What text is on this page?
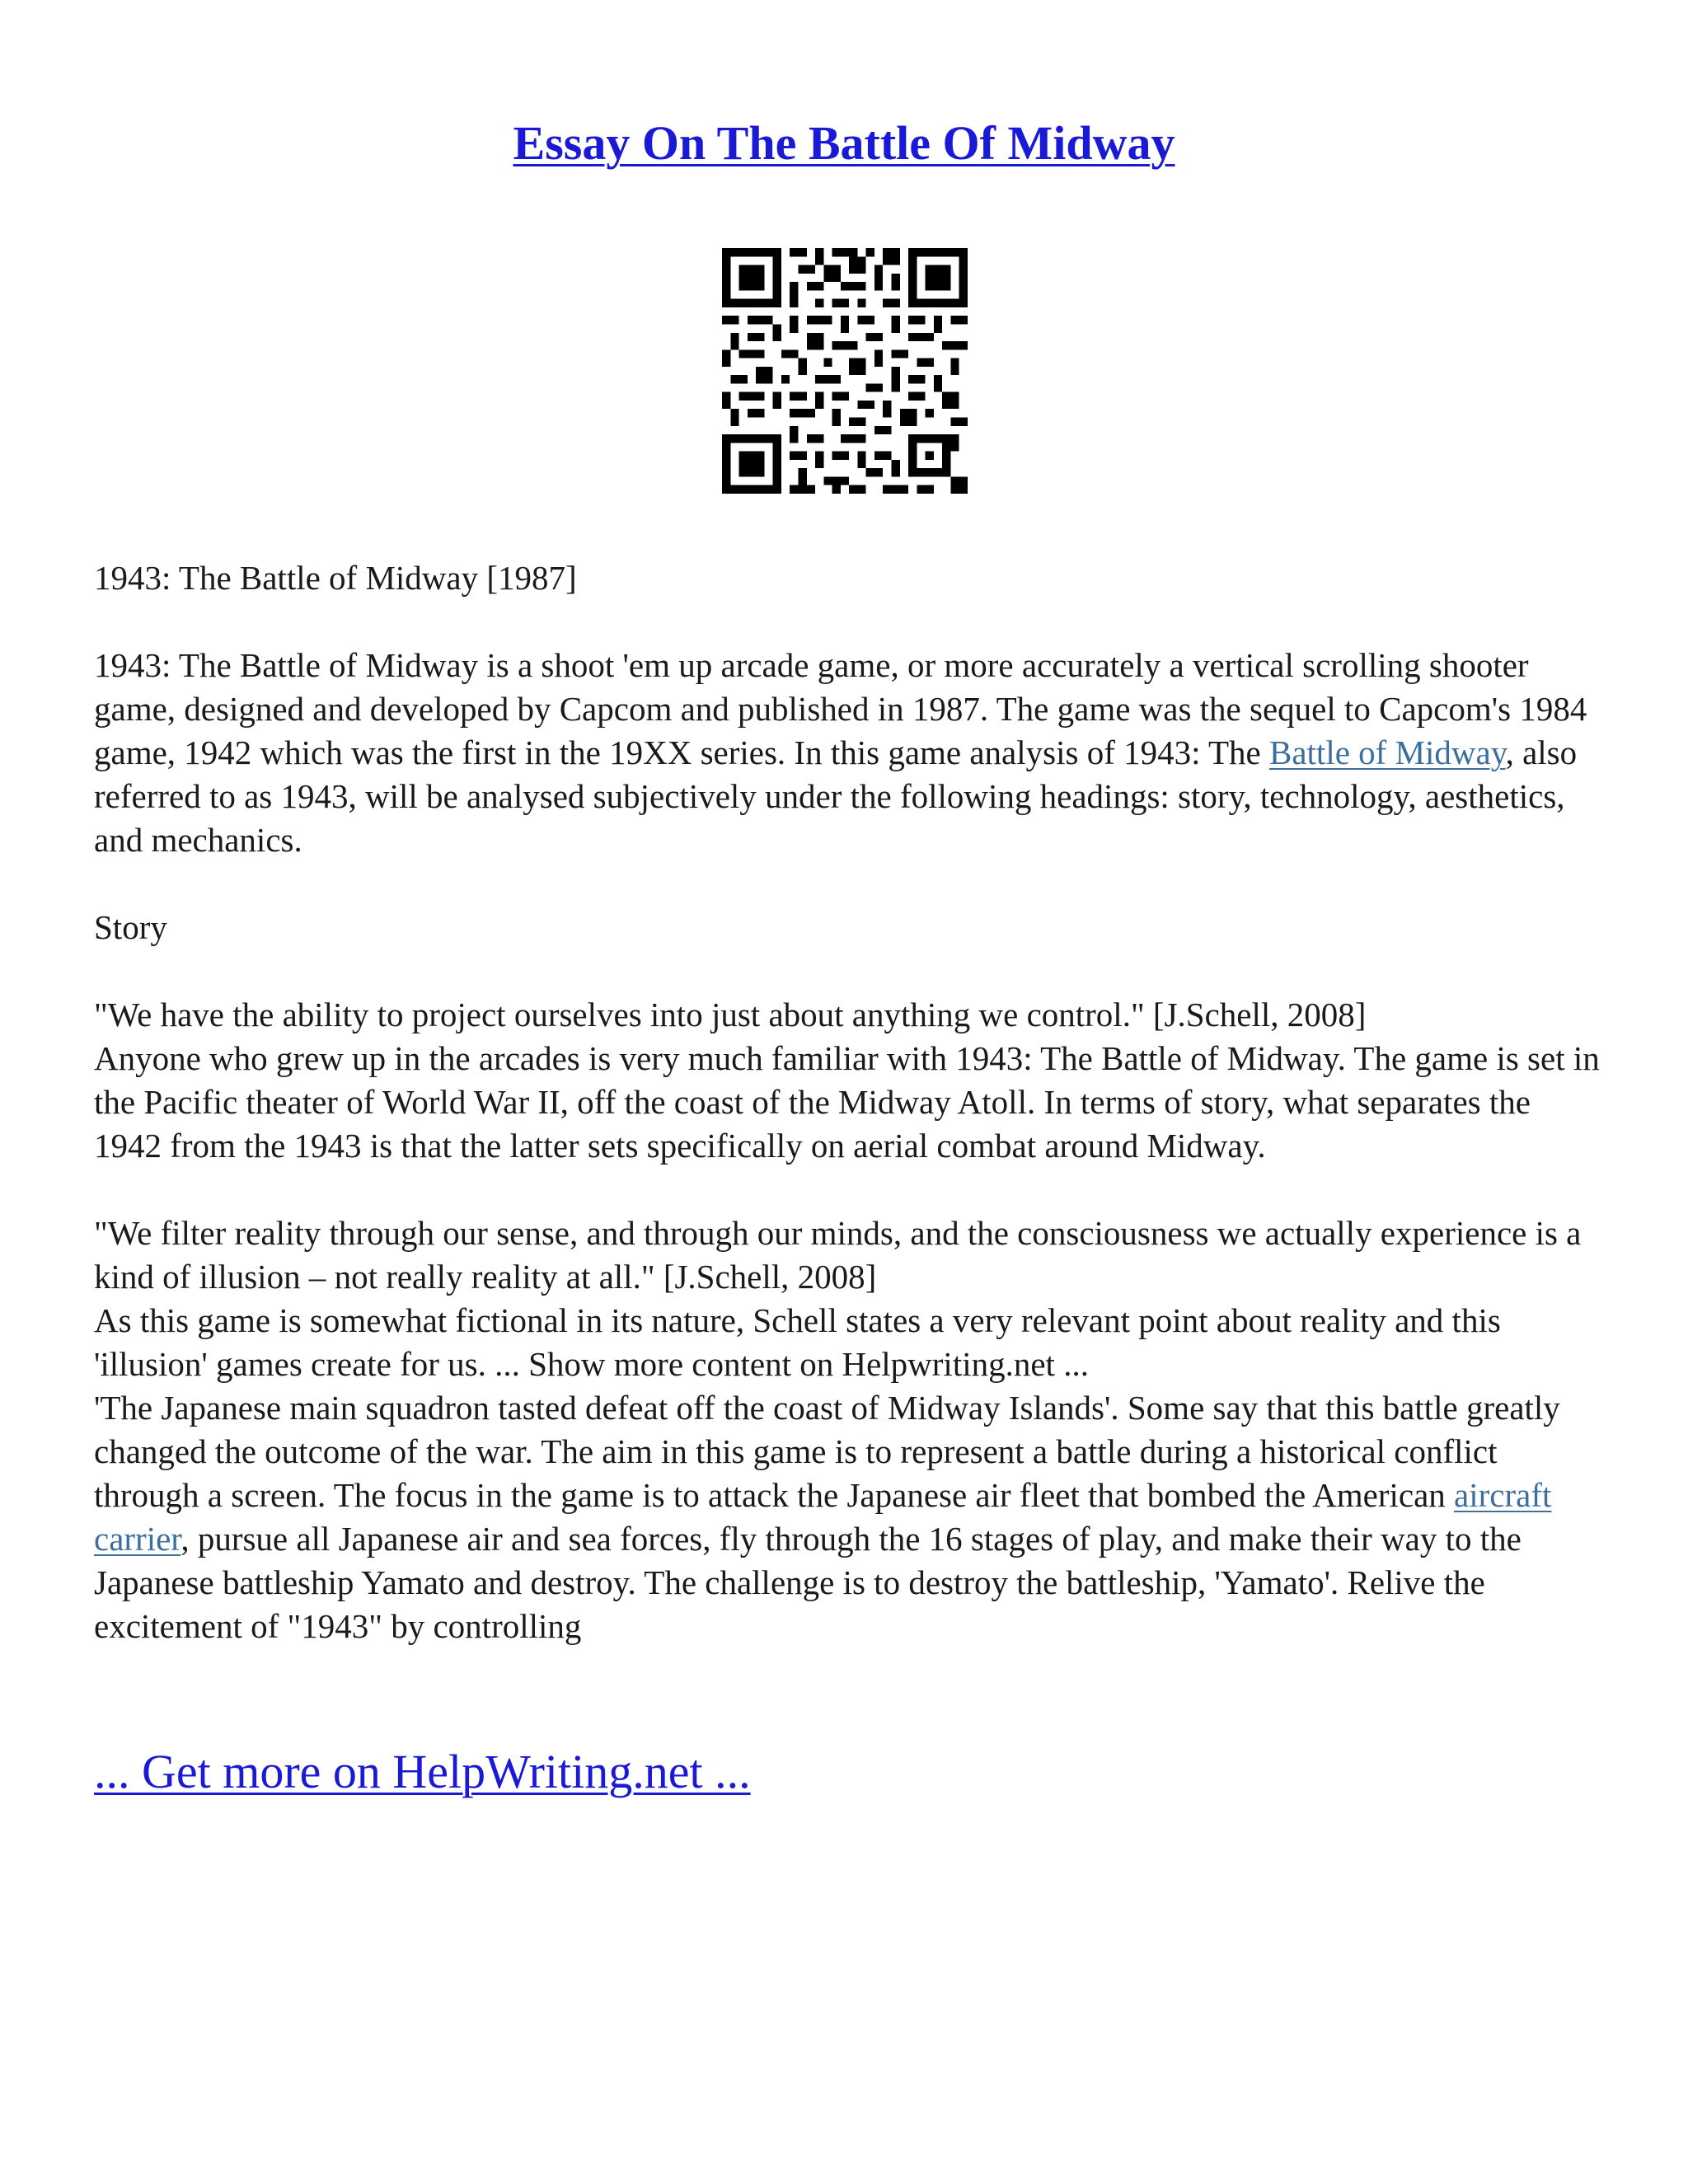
Essay On The Battle Of Midway

1943: The Battle of Midway [1987]

1943: The Battle of Midway is a shoot 'em up arcade game, or more accurately a vertical scrolling shooter game, designed and developed by Capcom and published in 1987. The game was the sequel to Capcom's 1984 game, 1942 which was the first in the 19XX series. In this game analysis of 1943: The Battle of Midway, also referred to as 1943, will be analysed subjectively under the following headings: story, technology, aesthetics, and mechanics.

Story

"We have the ability to project ourselves into just about anything we control." [J.Schell, 2008]

Anyone who grew up in the arcades is very much familiar with 1943: The Battle of Midway. The game is set in the Pacific theater of World War II, off the coast of the Midway Atoll. In terms of story, what separates the 1942 from the 1943 is that the latter sets specifically on aerial combat around Midway.

"We filter reality through our sense, and through our minds, and the consciousness we actually experience is a kind of illusion – not really reality at all." [J.Schell, 2008]

As this game is somewhat fictional in its nature, Schell states a very relevant point about reality and this 'illusion' games create for us. ... Show more content on Helpwriting.net ...

'The Japanese main squadron tasted defeat off the coast of Midway Islands'. Some say that this battle greatly changed the outcome of the war. The aim in this game is to represent a battle during a historical conflict through a screen. The focus in the game is to attack the Japanese air fleet that bombed the American aircraft carrier, pursue all Japanese air and sea forces, fly through the 16 stages of play, and make their way to the Japanese battleship Yamato and destroy. The challenge is to destroy the battleship, 'Yamato'. Relive the excitement of "1943" by controlling

... Get more on HelpWriting.net ...
